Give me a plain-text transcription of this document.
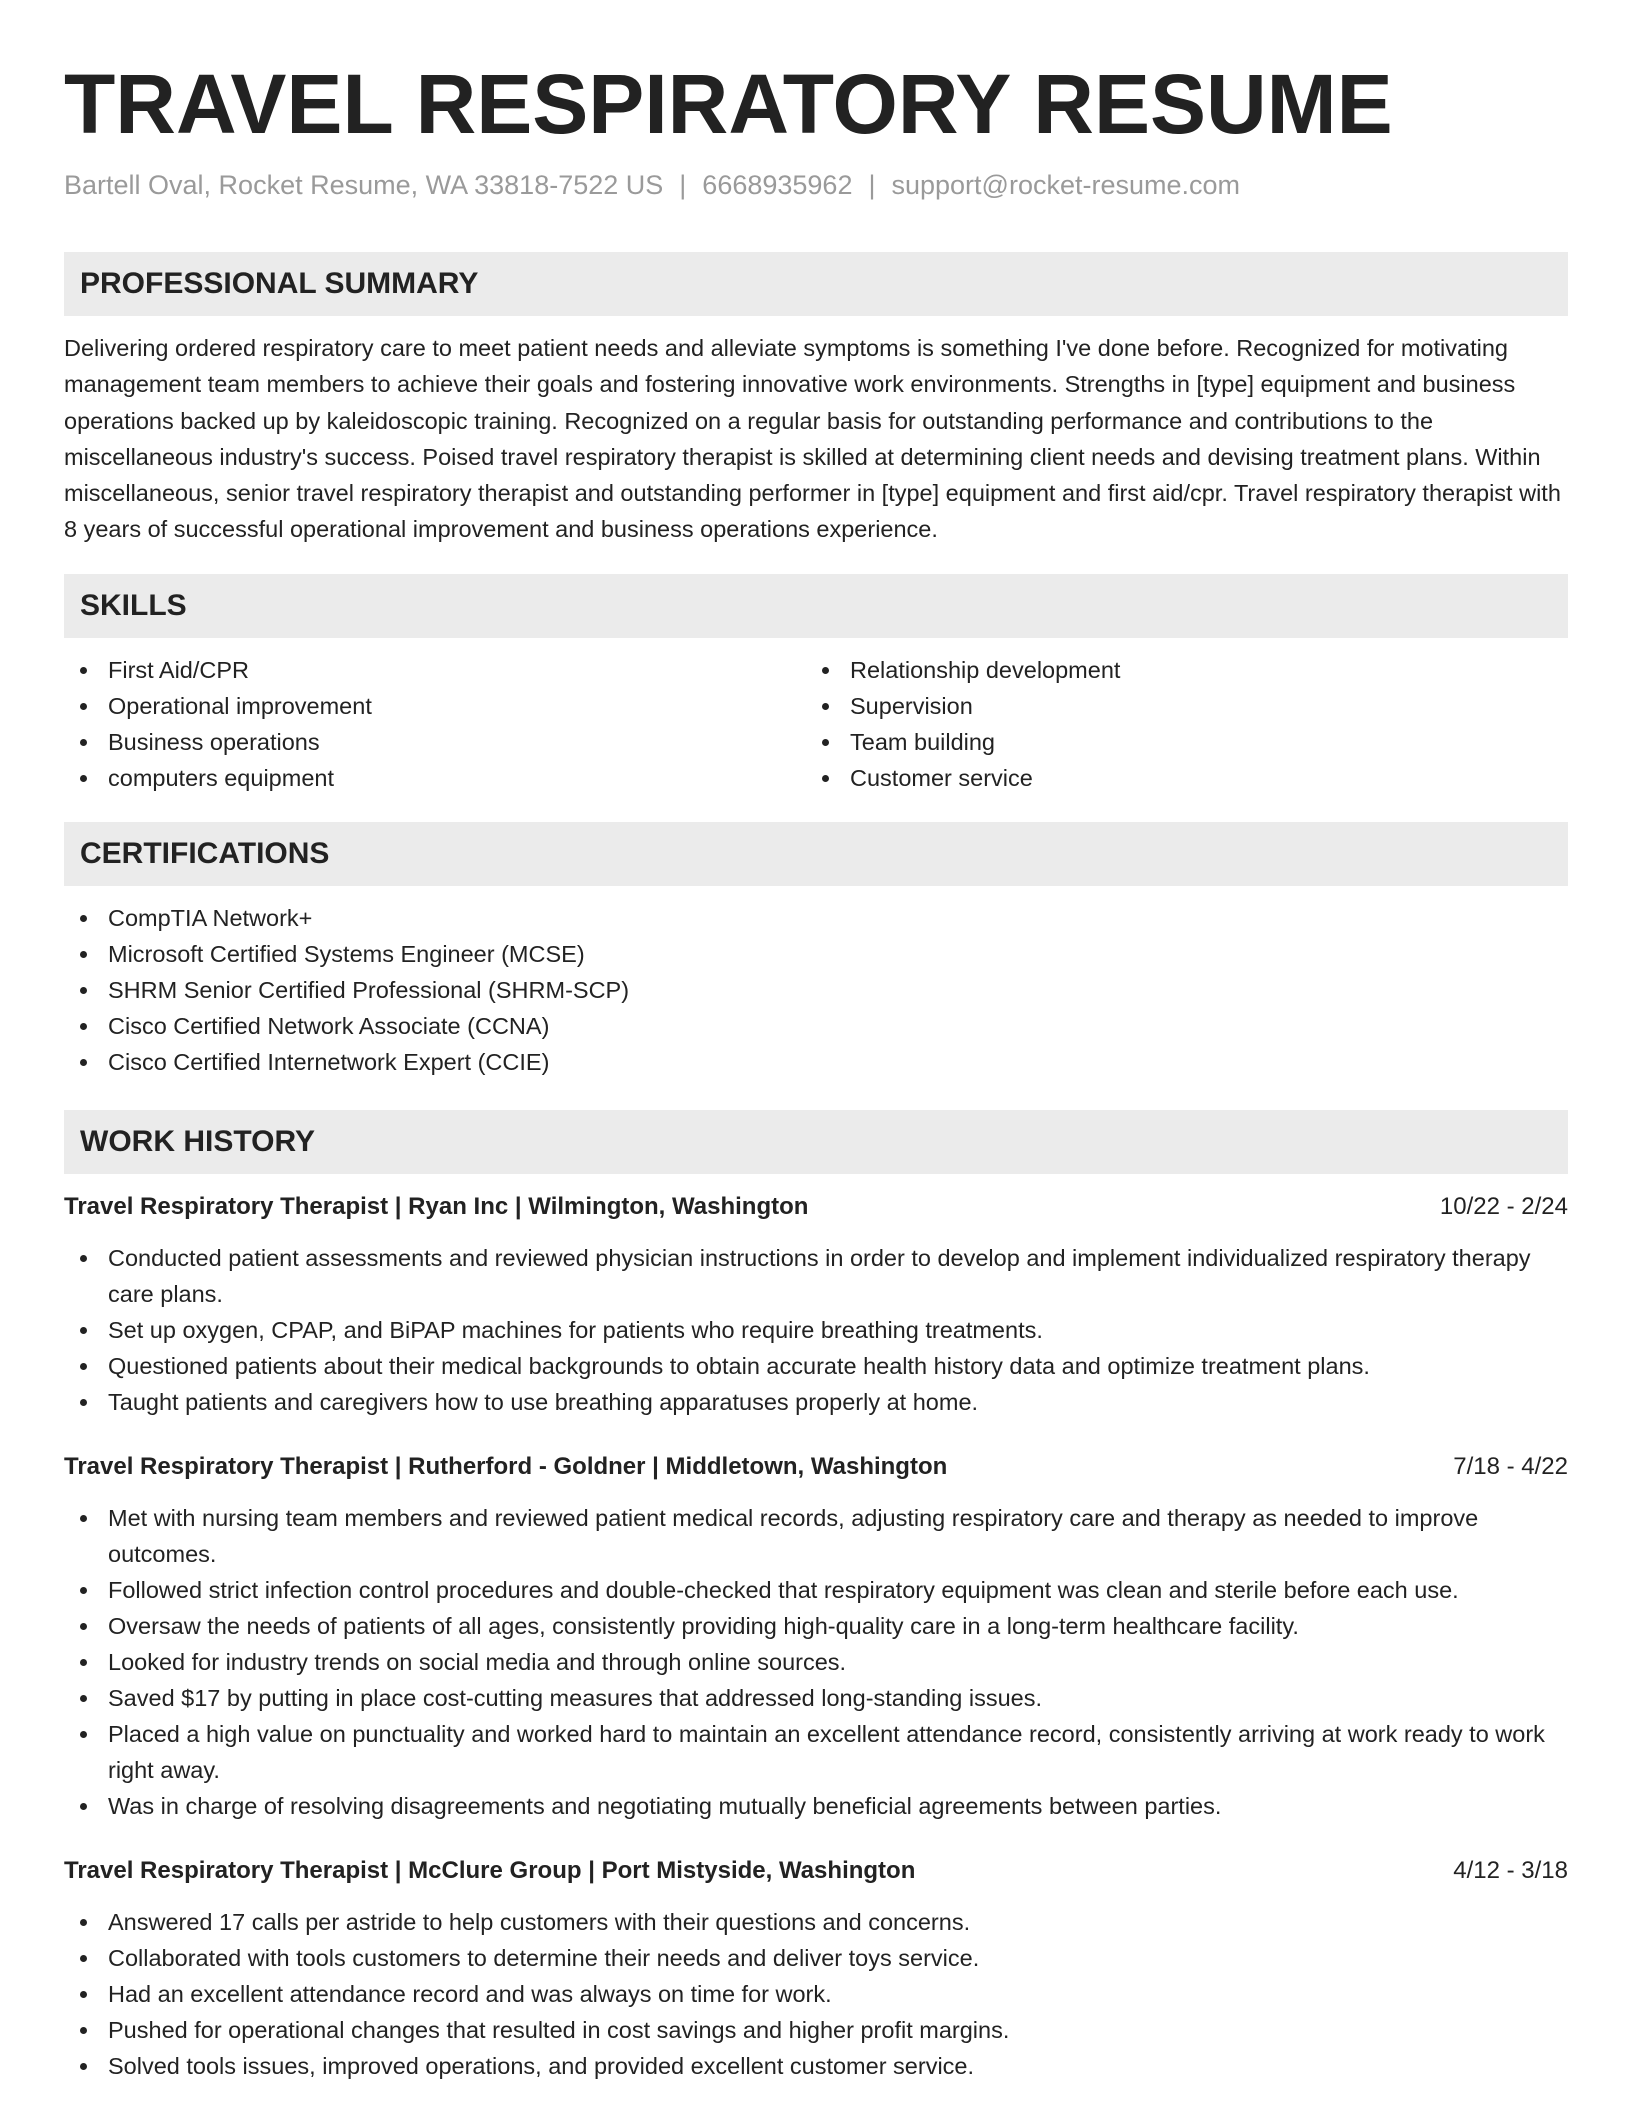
TRAVEL RESPIRATORY RESUME
Bartell Oval, Rocket Resume, WA 33818-7522 US | 6668935962 | support@rocket-resume.com
PROFESSIONAL SUMMARY

Delivering ordered respiratory care to meet patient needs and alleviate symptoms is something I've done before. Recognized for motivating management team members to achieve their goals and fostering innovative work environments. Strengths in [type] equipment and business operations backed up by kaleidoscopic training. Recognized on a regular basis for outstanding performance and contributions to the miscellaneous industry's success. Poised travel respiratory therapist is skilled at determining client needs and devising treatment plans. Within miscellaneous, senior travel respiratory therapist and outstanding performer in [type] equipment and first aid/cpr. Travel respiratory therapist with 8 years of successful operational improvement and business operations experience.

SKILLS
First Aid/CPR
Operational improvement
Business operations
computers equipment
Relationship development
Supervision
Team building
Customer service
CERTIFICATIONS
CompTIA Network+
Microsoft Certified Systems Engineer (MCSE)
SHRM Senior Certified Professional (SHRM-SCP)
Cisco Certified Network Associate (CCNA)
Cisco Certified Internetwork Expert (CCIE)
WORK HISTORY
Travel Respiratory Therapist | Ryan Inc | Wilmington, Washington	10/22 - 2/24
Conducted patient assessments and reviewed physician instructions in order to develop and implement individualized respiratory therapy care plans.
Set up oxygen, CPAP, and BiPAP machines for patients who require breathing treatments.
Questioned patients about their medical backgrounds to obtain accurate health history data and optimize treatment plans.
Taught patients and caregivers how to use breathing apparatuses properly at home.
Travel Respiratory Therapist | Rutherford - Goldner | Middletown, Washington	7/18 - 4/22
Met with nursing team members and reviewed patient medical records, adjusting respiratory care and therapy as needed to improve outcomes.
Followed strict infection control procedures and double-checked that respiratory equipment was clean and sterile before each use.
Oversaw the needs of patients of all ages, consistently providing high-quality care in a long-term healthcare facility.
Looked for industry trends on social media and through online sources.
Saved $17 by putting in place cost-cutting measures that addressed long-standing issues.
Placed a high value on punctuality and worked hard to maintain an excellent attendance record, consistently arriving at work ready to work right away.
Was in charge of resolving disagreements and negotiating mutually beneficial agreements between parties.
Travel Respiratory Therapist | McClure Group | Port Mistyside, Washington	4/12 - 3/18
Answered 17 calls per astride to help customers with their questions and concerns.
Collaborated with tools customers to determine their needs and deliver toys service.
Had an excellent attendance record and was always on time for work.
Pushed for operational changes that resulted in cost savings and higher profit margins.
Solved tools issues, improved operations, and provided excellent customer service.
